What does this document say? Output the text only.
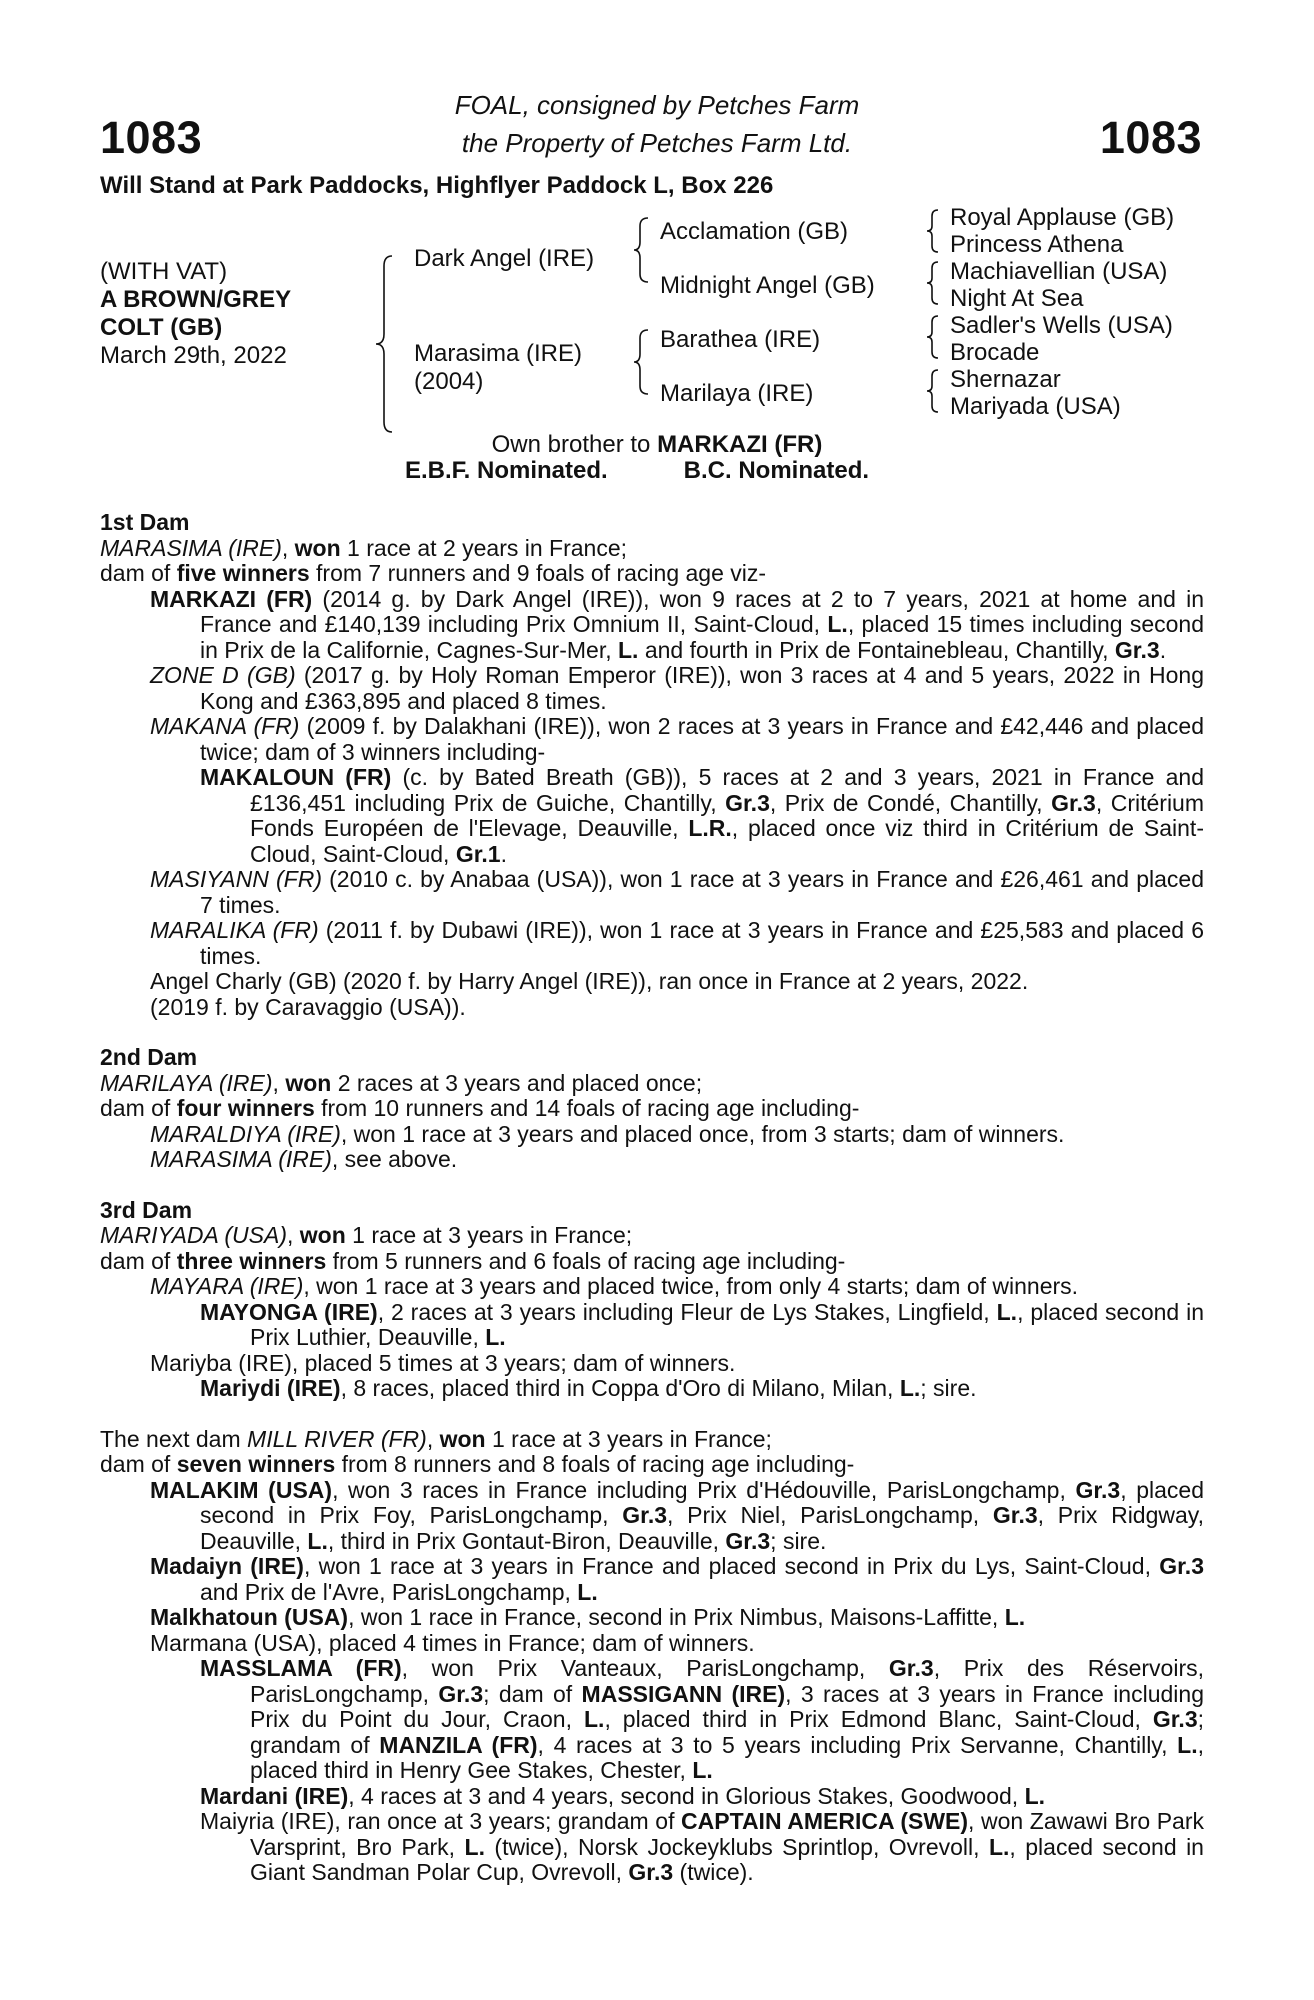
1083	1083
FOAL, consigned by Petches Farm
the Property of Petches Farm Ltd.
Will Stand at Park Paddocks, Highflyer Paddock L, Box 226
(WITH VAT)
A BROWN/GREY
COLT (GB)
March 29th, 2022
Dark Angel (IRE)
Marasima (IRE)
(2004)
Acclamation (GB)
Midnight Angel (GB)
Barathea (IRE)
Marilaya (IRE)
Royal Applause (GB)
Princess Athena
Machiavellian (USA)
Night At Sea
Sadler's Wells (USA)
Brocade
Shernazar
Mariyada (USA)
Own brother to MARKAZI (FR)
E.B.F. Nominated.	B.C. Nominated.
1st Dam

MARASIMA (IRE), won 1 race at 2 years in France;

dam of five winners from 7 runners and 9 foals of racing age viz-

MARKAZI (FR) (2014 g. by Dark Angel (IRE)), won 9 races at 2 to 7 years, 2021 at home and in France and £140,139 including Prix Omnium II, Saint-Cloud, L., placed 15 times including second in Prix de la Californie, Cagnes-Sur-Mer, L. and fourth in Prix de Fontainebleau, Chantilly, Gr.3.

ZONE D (GB) (2017 g. by Holy Roman Emperor (IRE)), won 3 races at 4 and 5 years, 2022 in Hong Kong and £363,895 and placed 8 times.

MAKANA (FR) (2009 f. by Dalakhani (IRE)), won 2 races at 3 years in France and £42,446 and placed twice; dam of 3 winners including-

MAKALOUN (FR) (c. by Bated Breath (GB)), 5 races at 2 and 3 years, 2021 in France and £136,451 including Prix de Guiche, Chantilly, Gr.3, Prix de Condé, Chantilly, Gr.3, Critérium Fonds Européen de l'Elevage, Deauville, L.R., placed once viz third in Critérium de Saint-Cloud, Saint-Cloud, Gr.1.

MASIYANN (FR) (2010 c. by Anabaa (USA)), won 1 race at 3 years in France and £26,461 and placed 7 times.

MARALIKA (FR) (2011 f. by Dubawi (IRE)), won 1 race at 3 years in France and £25,583 and placed 6 times.

Angel Charly (GB) (2020 f. by Harry Angel (IRE)), ran once in France at 2 years, 2022.

(2019 f. by Caravaggio (USA)).

2nd Dam

MARILAYA (IRE), won 2 races at 3 years and placed once;

dam of four winners from 10 runners and 14 foals of racing age including-

MARALDIYA (IRE), won 1 race at 3 years and placed once, from 3 starts; dam of winners.

MARASIMA (IRE), see above.

3rd Dam

MARIYADA (USA), won 1 race at 3 years in France;

dam of three winners from 5 runners and 6 foals of racing age including-

MAYARA (IRE), won 1 race at 3 years and placed twice, from only 4 starts; dam of winners.

MAYONGA (IRE), 2 races at 3 years including Fleur de Lys Stakes, Lingfield, L., placed second in Prix Luthier, Deauville, L.

Mariyba (IRE), placed 5 times at 3 years; dam of winners.

Mariydi (IRE), 8 races, placed third in Coppa d'Oro di Milano, Milan, L.; sire.

The next dam MILL RIVER (FR), won 1 race at 3 years in France;

dam of seven winners from 8 runners and 8 foals of racing age including-

MALAKIM (USA), won 3 races in France including Prix d'Hédouville, ParisLongchamp, Gr.3, placed second in Prix Foy, ParisLongchamp, Gr.3, Prix Niel, ParisLongchamp, Gr.3, Prix Ridgway, Deauville, L., third in Prix Gontaut-Biron, Deauville, Gr.3; sire.

Madaiyn (IRE), won 1 race at 3 years in France and placed second in Prix du Lys, Saint-Cloud, Gr.3 and Prix de l'Avre, ParisLongchamp, L.

Malkhatoun (USA), won 1 race in France, second in Prix Nimbus, Maisons-Laffitte, L.

Marmana (USA), placed 4 times in France; dam of winners.

MASSLAMA (FR), won Prix Vanteaux, ParisLongchamp, Gr.3, Prix des Réservoirs, ParisLongchamp, Gr.3; dam of MASSIGANN (IRE), 3 races at 3 years in France including Prix du Point du Jour, Craon, L., placed third in Prix Edmond Blanc, Saint-Cloud, Gr.3; grandam of MANZILA (FR), 4 races at 3 to 5 years including Prix Servanne, Chantilly, L., placed third in Henry Gee Stakes, Chester, L.

Mardani (IRE), 4 races at 3 and 4 years, second in Glorious Stakes, Goodwood, L.

Maiyria (IRE), ran once at 3 years; grandam of CAPTAIN AMERICA (SWE), won Zawawi Bro Park Varsprint, Bro Park, L. (twice), Norsk Jockeyklubs Sprintlop, Ovrevoll, L., placed second in Giant Sandman Polar Cup, Ovrevoll, Gr.3 (twice).
